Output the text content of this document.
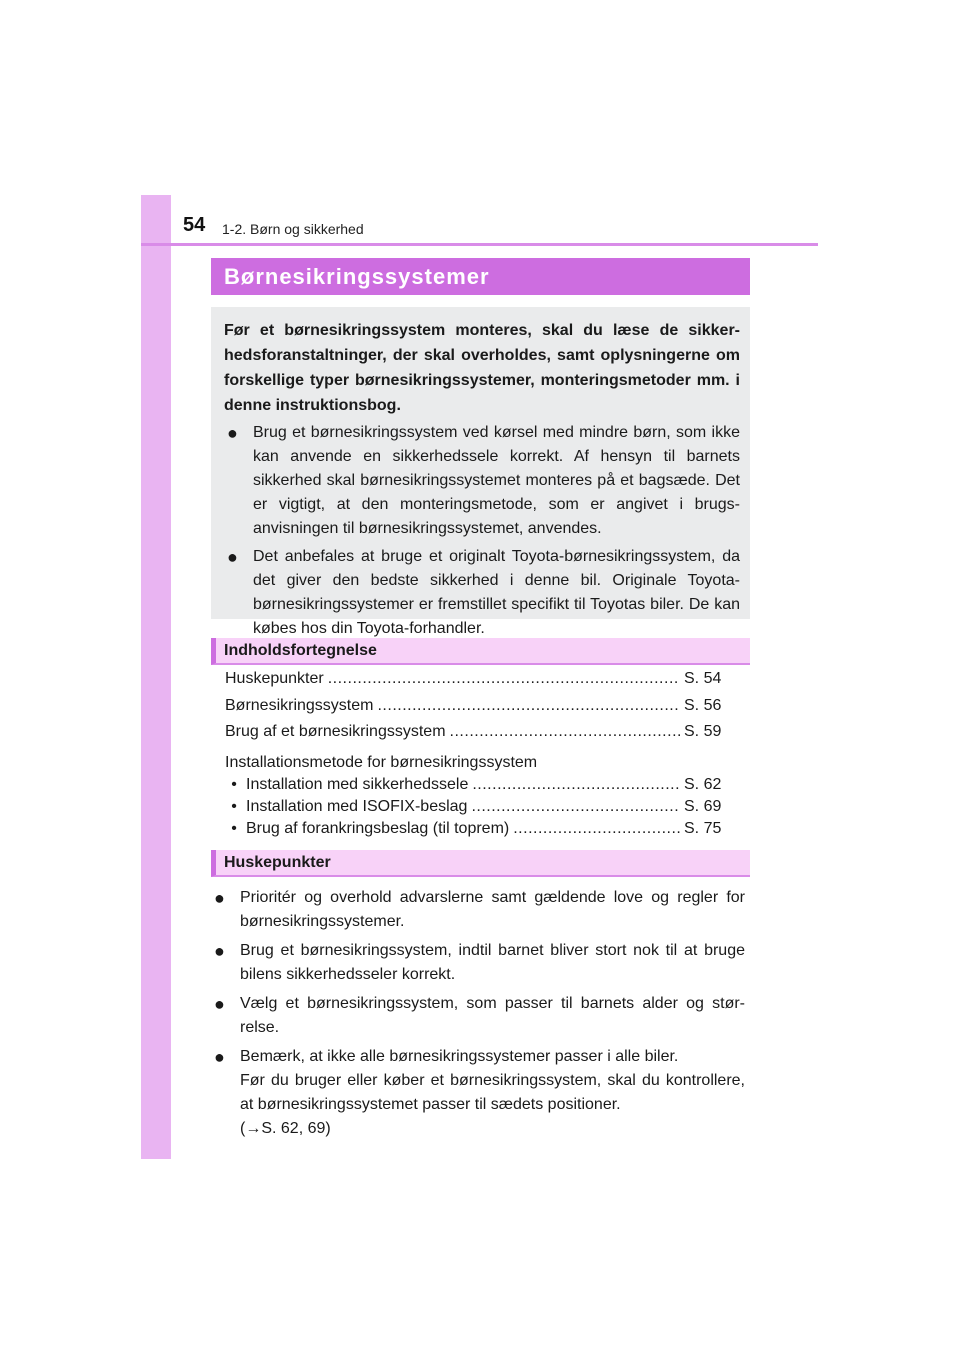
54 1-2. Børn og sikkerhed
Børnesikringssystemer

Før et børnesikringssystem monteres, skal du læse de sikker-hedsforanstaltninger, der skal overholdes, samt oplysningerne om forskellige typer børnesikringssystemer, monteringsmetoder mm. i denne instruktionsbog.

● Brug et børnesikringssystem ved kørsel med mindre børn, som ikke kan anvende en sikkerhedssele korrekt. Af hensyn til barnets sikkerhed skal børnesikringssystemet monteres på et bagsæde. Det er vigtigt, at den monteringsmetode, som er angivet i brugs-anvisningen til børnesikringssystemet, anvendes.
● Det anbefales at bruge et originalt Toyota-børnesikringssystem, da det giver den bedste sikkerhed i denne bil. Originale Toyota-børnesikringssystemer er fremstillet specifikt til Toyotas biler. De kan købes hos din Toyota-forhandler.
Indholdsfortegnelse
Huskepunkter .....	S. 54
Børnesikringssystem .....	S. 56
Brug af et børnesikringssystem .....	S. 59
Installationsmetode for børnesikringssystem
• Installation med sikkerhedssele .....	S. 62
• Installation med ISOFIX-beslag .....	S. 69
• Brug af forankringsbeslag (til toprem) .....	S. 75
Huskepunkter
● Prioritér og overhold advarslerne samt gældende love og regler for børnesikringssystemer.
● Brug et børnesikringssystem, indtil barnet bliver stort nok til at bruge bilens sikkerhedsseler korrekt.
● Vælg et børnesikringssystem, som passer til barnets alder og stør-relse.
● Bemærk, at ikke alle børnesikringssystemer passer i alle biler.
Før du bruger eller køber et børnesikringssystem, skal du kontrollere, at børnesikringssystemet passer til sædets positioner.
(→S. 62, 69)
